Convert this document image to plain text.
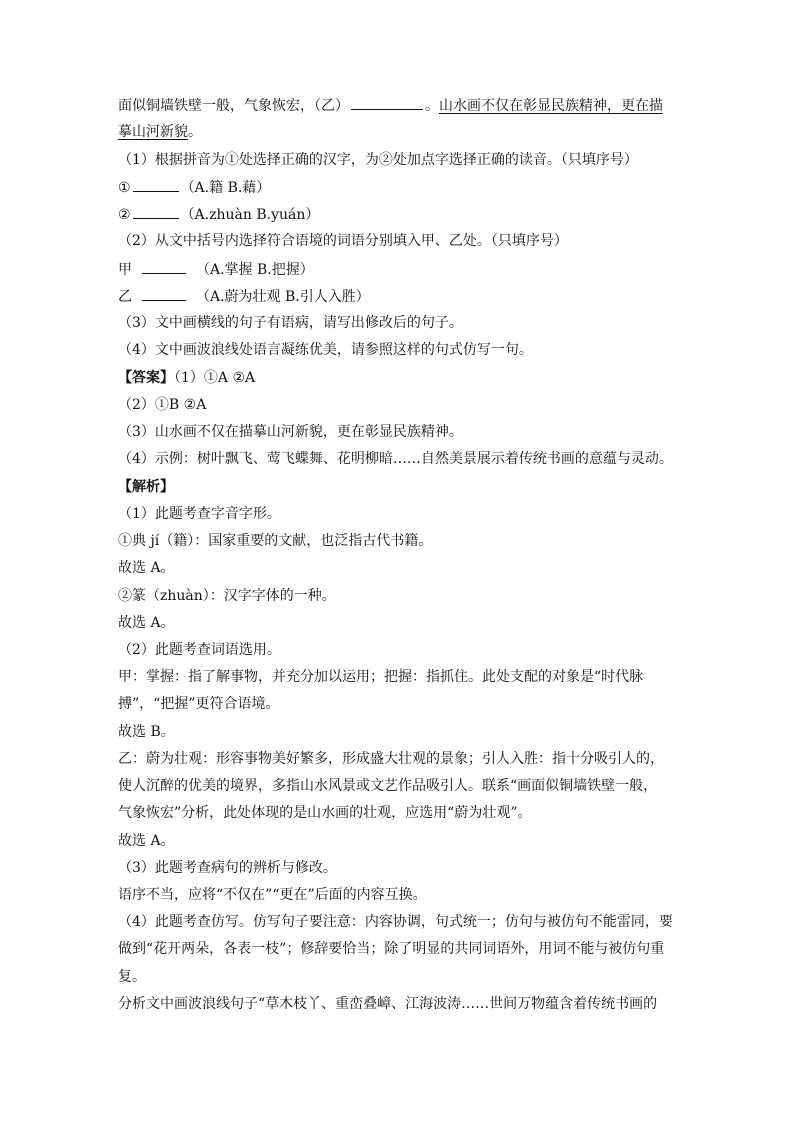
面似铜墙铁壁一般，气象恢宏，（乙）	。山水画不仅在彰显民族精神，更在描
摹山河新貌。
（1）根据拼音为①处选择正确的汉字，为②处加点字选择正确的读音。（只填序号）
①	（A.籍 B.藉）
②	（A.zhuàn B.yuán）
（2）从文中括号内选择符合语境的词语分别填入甲、乙处。（只填序号）
甲	（A.掌握 B.把握）
乙	（A.蔚为壮观 B.引人入胜）
（3）文中画横线的句子有语病，请写出修改后的句子。
（4）文中画波浪线处语言凝练优美，请参照这样的句式仿写一句。
【答案】（1）①A ②A
（2）①B ②A
（3）山水画不仅在描摹山河新貌，更在彰显民族精神。
（4）示例：树叶飘飞、莺飞蝶舞、花明柳暗……自然美景展示着传统书画的意蕴与灵动。
【解析】
（1）此题考查字音字形。
①典 jí（籍）：国家重要的文献，也泛指古代书籍。
故选 A。
②篆（zhuàn）：汉字字体的一种。
故选 A。
（2）此题考查词语选用。
甲：掌握：指了解事物，并充分加以运用；把握：指抓住。此处支配的对象是“时代脉
搏”，“把握”更符合语境。
故选 B。
乙：蔚为壮观：形容事物美好繁多，形成盛大壮观的景象；引人入胜：指十分吸引人的，
使人沉醉的优美的境界，多指山水风景或文艺作品吸引人。联系“画面似铜墙铁壁一般，
气象恢宏”分析，此处体现的是山水画的壮观，应选用“蔚为壮观”。
故选 A。
（3）此题考查病句的辨析与修改。
语序不当，应将“不仅在”“更在”后面的内容互换。
（4）此题考查仿写。仿写句子要注意：内容协调，句式统一；仿句与被仿句不能雷同，要
做到“花开两朵，各表一枝”；修辞要恰当；除了明显的共同词语外，用词不能与被仿句重
复。
分析文中画波浪线句子“草木枝丫、重峦叠嶂、江海波涛……世间万物蕴含着传统书画的
